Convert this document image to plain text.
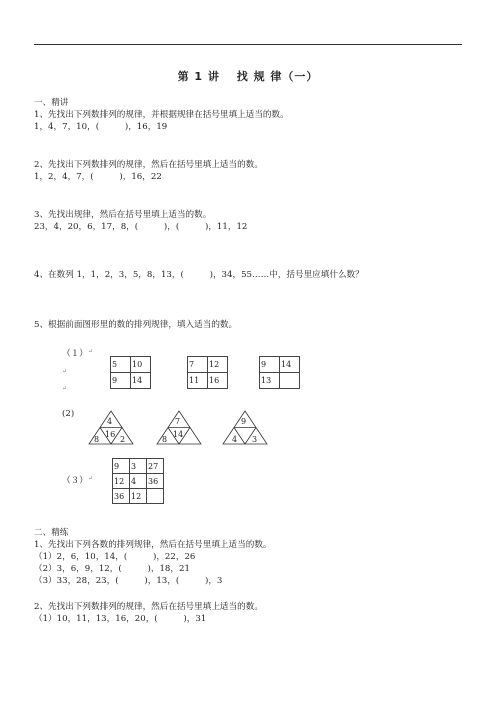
第 1 讲　 找 规 律（一）
一、精讲
1、先找出下列数排列的规律，并根据规律在括号里填上适当的数。
1，4，7，10，(　　　)，16，19
2、先找出下列数排列的规律，然后在括号里填上适当的数。
1，2，4，7，(　　　)，16，22
3、先找出规律，然后在括号里填上适当的数。
23，4，20，6，17，8，(　　　)，(　　　)，11，12
4、在数列 1，1，2，3，5，8，13，(　　　)，34，55……中，括号里应填什么数？
5、根据前面图形里的数的排列规律，填入适当的数。
（１） ↵
↵
↵
5	10
9	14
7	12
11	16
9	14
13	
(2)
4
16
8	2
7
14
8
9
4 3
（３） ↵
9	3	27
12	4	36
36	12	
二、精练
1、先找出下列各数的排列规律，然后在括号里填上适当的数。
（1）2，6，10，14，(　　　)，22，26
（2）3，6，9，12，(　　　)，18，21
（3）33，28，23，(　　　)，13，(　　　)，3
2、先找出下列数排列的规律，然后在括号里填上适当的数。
（1）10，11，13，16，20，(　　　)，31
